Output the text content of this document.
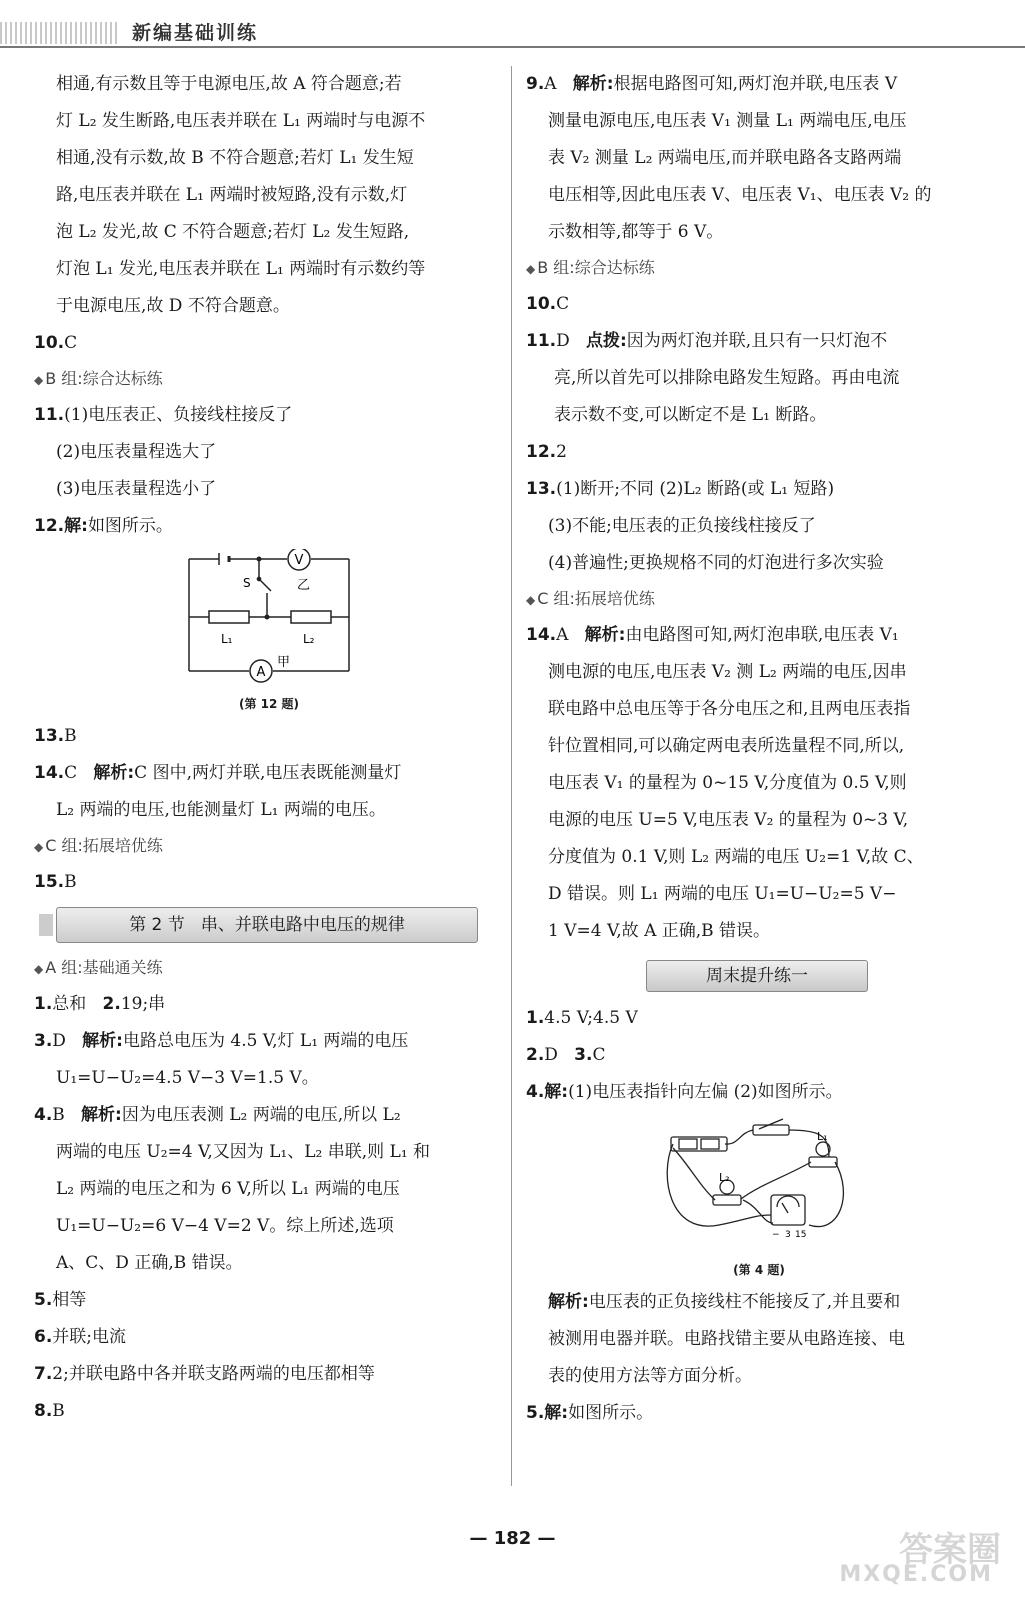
新编基础训练

相通,有示数且等于电源电压,故 A 符合题意;若

灯 L₂ 发生断路,电压表并联在 L₁ 两端时与电源不

相通,没有示数,故 B 不符合题意;若灯 L₁ 发生短

路,电压表并联在 L₁ 两端时被短路,没有示数,灯

泡 L₂ 发光,故 C 不符合题意;若灯 L₂ 发生短路,

灯泡 L₁ 发光,电压表并联在 L₁ 两端时有示数约等

于电源电压,故 D 不符合题意。

10.C

◆ B 组:综合达标练

11.(1)电压表正、负接线柱接反了

(2)电压表量程选大了

(3)电压表量程选小了

12.解:如图所示。

V
A
S	乙
甲
L₁	L₂
(第 12 题)

13.B

14.C 解析:C 图中,两灯并联,电压表既能测量灯

L₂ 两端的电压,也能测量灯 L₁ 两端的电压。

◆ C 组:拓展培优练

15.B

第 2 节 串、并联电路中电压的规律

◆ A 组:基础通关练

1.总和 2.19;串

3.D 解析:电路总电压为 4.5 V,灯 L₁ 两端的电压

U₁=U−U₂=4.5 V−3 V=1.5 V。

4.B 解析:因为电压表测 L₂ 两端的电压,所以 L₂

两端的电压 U₂=4 V,又因为 L₁、L₂ 串联,则 L₁ 和

L₂ 两端的电压之和为 6 V,所以 L₁ 两端的电压

U₁=U−U₂=6 V−4 V=2 V。综上所述,选项

A、C、D 正确,B 错误。

5.相等

6.并联;电流

7.2;并联电路中各并联支路两端的电压都相等

8.B

9.A 解析:根据电路图可知,两灯泡并联,电压表 V

测量电源电压,电压表 V₁ 测量 L₁ 两端电压,电压

表 V₂ 测量 L₂ 两端电压,而并联电路各支路两端

电压相等,因此电压表 V、电压表 V₁、电压表 V₂ 的

示数相等,都等于 6 V。

◆ B 组:综合达标练

10.C

11.D 点拨:因为两灯泡并联,且只有一只灯泡不

亮,所以首先可以排除电路发生短路。再由电流

表示数不变,可以断定不是 L₁ 断路。

12.2

13.(1)断开;不同 (2)L₂ 断路(或 L₁ 短路)

(3)不能;电压表的正负接线柱接反了

(4)普遍性;更换规格不同的灯泡进行多次实验

◆ C 组:拓展培优练

14.A 解析:由电路图可知,两灯泡串联,电压表 V₁

测电源的电压,电压表 V₂ 测 L₂ 两端的电压,因串

联电路中总电压等于各分电压之和,且两电压表指

针位置相同,可以确定两电表所选量程不同,所以,

电压表 V₁ 的量程为 0~15 V,分度值为 0.5 V,则

电源的电压 U=5 V,电压表 V₂ 的量程为 0~3 V,

分度值为 0.1 V,则 L₂ 两端的电压 U₂=1 V,故 C、

D 错误。则 L₁ 两端的电压 U₁=U−U₂=5 V−

1 V=4 V,故 A 正确,B 错误。

周末提升练一

1.4.5 V;4.5 V

2.D 3.C

4.解:(1)电压表指针向左偏 (2)如图所示。

L₁
L₂
− 3 15
(第 4 题)

解析:电压表的正负接线柱不能接反了,并且要和

被测用电器并联。电路找错主要从电路连接、电

表的使用方法等方面分析。

5.解:如图所示。

— 182 —	答案圈
MXQE.COM
